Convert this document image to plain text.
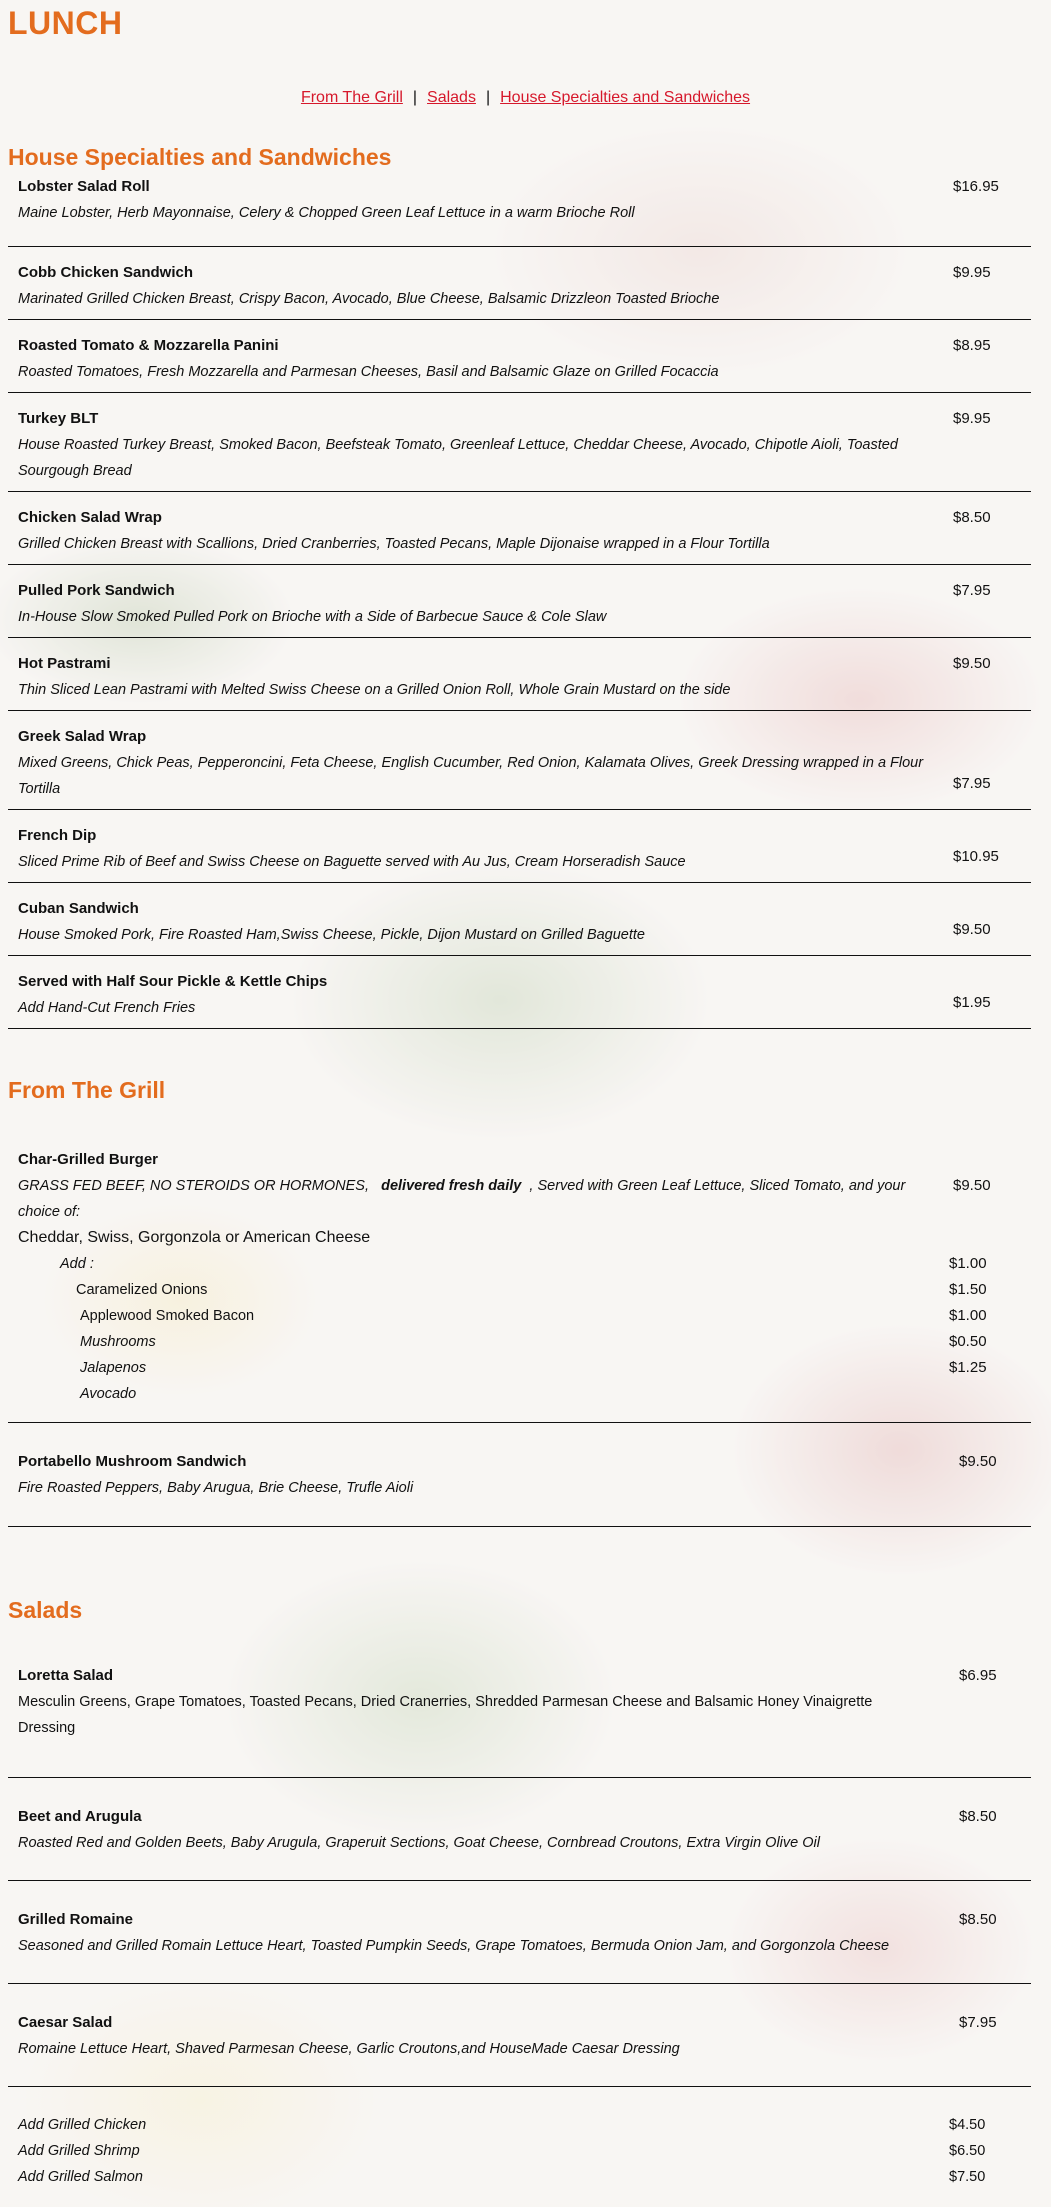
LUNCH
From The Grill | Salads | House Specialties and Sandwiches
House Specialties and Sandwiches
Lobster Salad Roll
Maine Lobster, Herb Mayonnaise, Celery & Chopped Green Leaf Lettuce in a warm Brioche Roll
$16.95
Cobb Chicken Sandwich
Marinated Grilled Chicken Breast, Crispy Bacon, Avocado, Blue Cheese, Balsamic Drizzleon Toasted Brioche
$9.95
Roasted Tomato & Mozzarella Panini
Roasted Tomatoes, Fresh Mozzarella and Parmesan Cheeses, Basil and Balsamic Glaze on Grilled Focaccia
$8.95
Turkey BLT
House Roasted Turkey Breast, Smoked Bacon, Beefsteak Tomato, Greenleaf Lettuce, Cheddar Cheese, Avocado, Chipotle Aioli, Toasted Sourgough Bread
$9.95
Chicken Salad Wrap
Grilled Chicken Breast with Scallions, Dried Cranberries, Toasted Pecans, Maple Dijonaise wrapped in a Flour Tortilla
$8.50
Pulled Pork Sandwich
In-House Slow Smoked Pulled Pork on Brioche with a Side of Barbecue Sauce & Cole Slaw
$7.95
Hot Pastrami
Thin Sliced Lean Pastrami with Melted Swiss Cheese on a Grilled Onion Roll, Whole Grain Mustard on the side
$9.50
Greek Salad Wrap
Mixed Greens, Chick Peas, Pepperoncini, Feta Cheese, English Cucumber, Red Onion, Kalamata Olives, Greek Dressing wrapped in a Flour Tortilla	$7.95
French Dip
Sliced Prime Rib of Beef and Swiss Cheese on Baguette served with Au Jus, Cream Horseradish Sauce	$10.95
Cuban Sandwich
House Smoked Pork, Fire Roasted Ham,Swiss Cheese, Pickle, Dijon Mustard on Grilled Baguette	$9.50
Served with Half Sour Pickle & Kettle Chips
Add Hand-Cut French Fries	$1.95
From The Grill
Char-Grilled Burger
GRASS FED BEEF, NO STEROIDS OR HORMONES, delivered fresh daily , Served with Green Leaf Lettuce, Sliced Tomato, and your choice of:
$9.50
Cheddar, Swiss, Gorgonzola or American Cheese
Add :	$1.00
Caramelized Onions	$1.50
Applewood Smoked Bacon	$1.00
Mushrooms	$0.50
Jalapenos	$1.25
Avocado
Portabello Mushroom Sandwich
Fire Roasted Peppers, Baby Arugua, Brie Cheese, Trufle Aioli
$9.50
Salads
Loretta Salad
Mesculin Greens, Grape Tomatoes, Toasted Pecans, Dried Cranerries, Shredded Parmesan Cheese and Balsamic Honey Vinaigrette Dressing
$6.95
Beet and Arugula
Roasted Red and Golden Beets, Baby Arugula, Graperuit Sections, Goat Cheese, Cornbread Croutons, Extra Virgin Olive Oil
$8.50
Grilled Romaine
Seasoned and Grilled Romain Lettuce Heart, Toasted Pumpkin Seeds, Grape Tomatoes, Bermuda Onion Jam, and Gorgonzola Cheese
$8.50
Caesar Salad
Romaine Lettuce Heart, Shaved Parmesan Cheese, Garlic Croutons,and HouseMade Caesar Dressing
$7.95
Add Grilled Chicken	$4.50
Add Grilled Shrimp	$6.50
Add Grilled Salmon	$7.50
